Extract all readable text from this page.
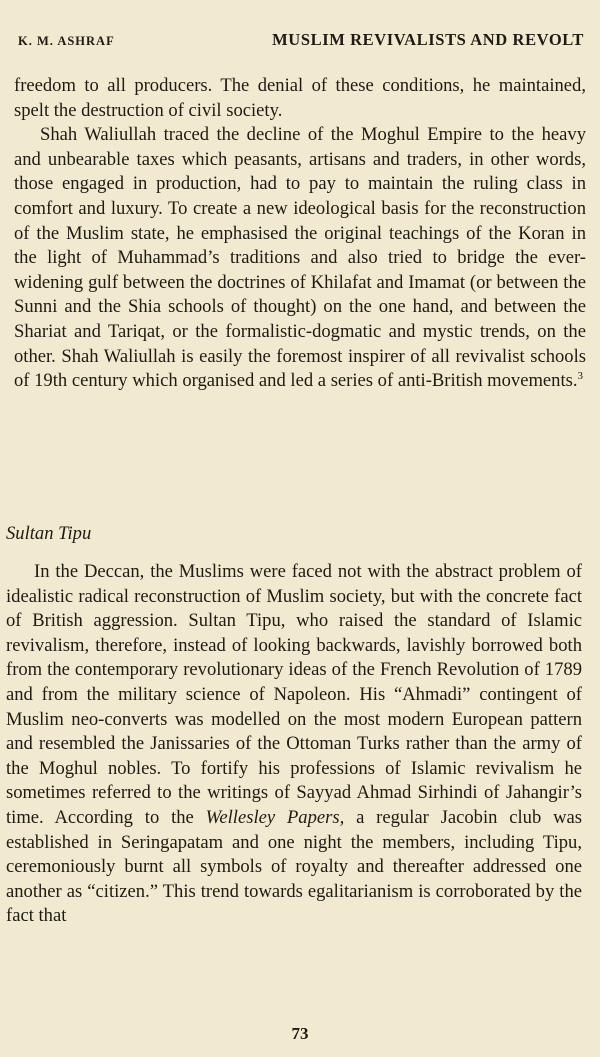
K. M. ASHRAF	MUSLIM REVIVALISTS AND REVOLT

freedom to all producers. The denial of these conditions, he maintained, spelt the destruction of civil society.

Shah Waliullah traced the decline of the Moghul Empire to the heavy and unbearable taxes which peasants, artisans and traders, in other words, those engaged in production, had to pay to maintain the ruling class in comfort and luxury. To create a new ideological basis for the reconstruction of the Muslim state, he emphasised the original teachings of the Koran in the light of Muhammad’s traditions and also tried to bridge the ever-widening gulf between the doctrines of Khilafat and Imamat (or between the Sunni and the Shia schools of thought) on the one hand, and between the Shariat and Tariqat, or the formalistic-dogmatic and mystic trends, on the other. Shah Waliullah is easily the foremost inspirer of all revivalist schools of 19th century which organised and led a series of anti-British movements.$^3$

Sultan Tipu

In the Deccan, the Muslims were faced not with the abstract problem of idealistic radical reconstruction of Muslim society, but with the concrete fact of British aggression. Sultan Tipu, who raised the standard of Islamic revivalism, therefore, instead of looking backwards, lavishly borrowed both from the contemporary revolutionary ideas of the French Revolution of 1789 and from the military science of Napoleon. His “Ahmadi” contingent of Muslim neo-converts was modelled on the most modern European pattern and resembled the Janissaries of the Ottoman Turks rather than the army of the Moghul nobles. To fortify his professions of Islamic revivalism he sometimes referred to the writings of Sayyad Ahmad Sirhindi of Jahangir’s time. According to the Wellesley Papers, a regular Jacobin club was established in Seringapatam and one night the members, including Tipu, ceremoniously burnt all symbols of royalty and thereafter addressed one another as “citizen.” This trend towards egalitarianism is corroborated by the fact that

73
